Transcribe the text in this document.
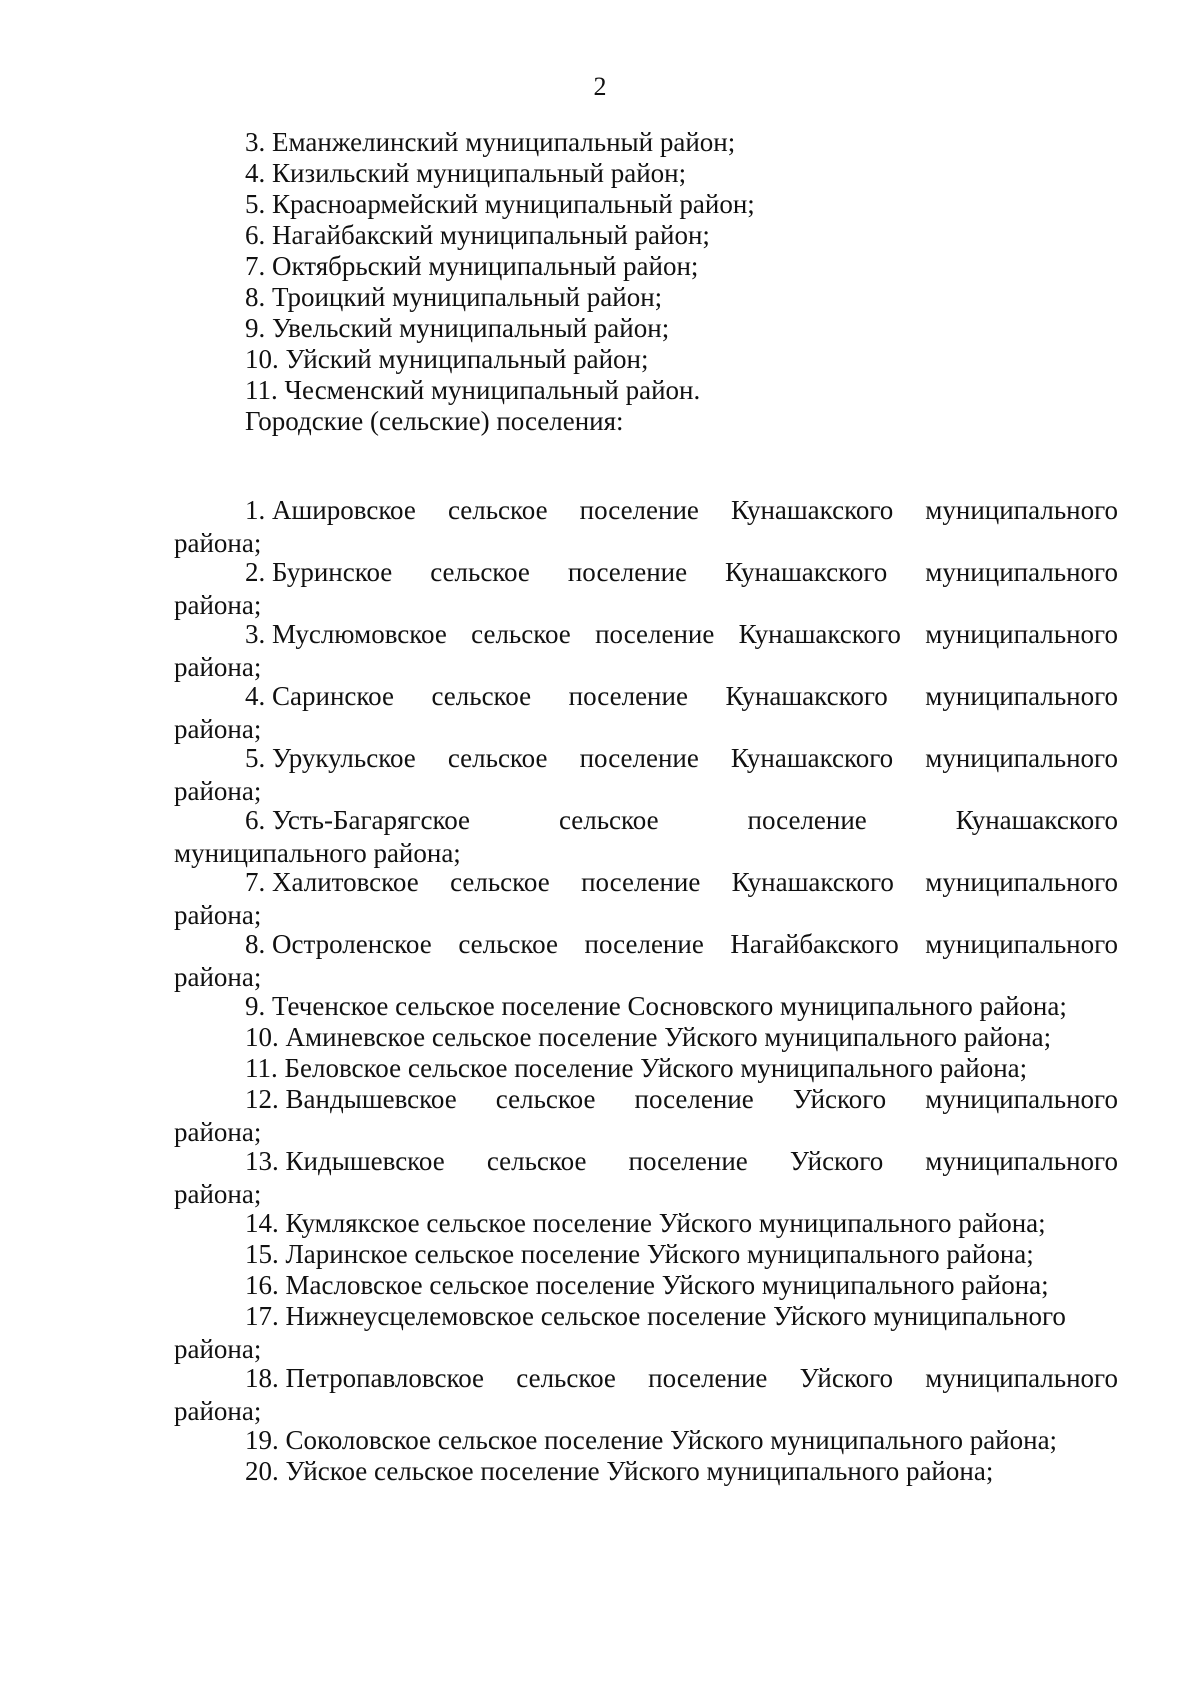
2
3. Еманжелинский муниципальный район;
4. Кизильский муниципальный район;
5. Красноармейский муниципальный район;
6. Нагайбакский муниципальный район;
7. Октябрьский муниципальный район;
8. Троицкий муниципальный район;
9. Увельский муниципальный район;
10. Уйский муниципальный район;
11. Чесменский муниципальный район.
Городские (сельские) поселения:
1. Ашировское сельское поселение Кунашакского муниципального
района;
2. Буринское сельское поселение Кунашакского муниципального
района;
3. Муслюмовское сельское поселение Кунашакского муниципального
района;
4. Саринское сельское поселение Кунашакского муниципального
района;
5. Урукульское сельское поселение Кунашакского муниципального
района;
6. Усть-Багарягское	сельское	поселение	Кунашакского
муниципального района;
7. Халитовское сельское поселение Кунашакского муниципального
района;
8. Остроленское сельское поселение Нагайбакского муниципального
района;
9. Теченское сельское поселение Сосновского муниципального района;
10. Аминевское сельское поселение Уйского муниципального района;
11. Беловское сельское поселение Уйского муниципального района;
12. Вандышевское сельское поселение Уйского муниципального
района;
13. Кидышевское сельское поселение Уйского муниципального
района;
14. Кумлякское сельское поселение Уйского муниципального района;
15. Ларинское сельское поселение Уйского муниципального района;
16. Масловское сельское поселение Уйского муниципального района;
17. Нижнеусцелемовское сельское поселение Уйского муниципального
района;
18. Петропавловское сельское поселение Уйского муниципального
района;
19. Соколовское сельское поселение Уйского муниципального района;
20. Уйское сельское поселение Уйского муниципального района;
